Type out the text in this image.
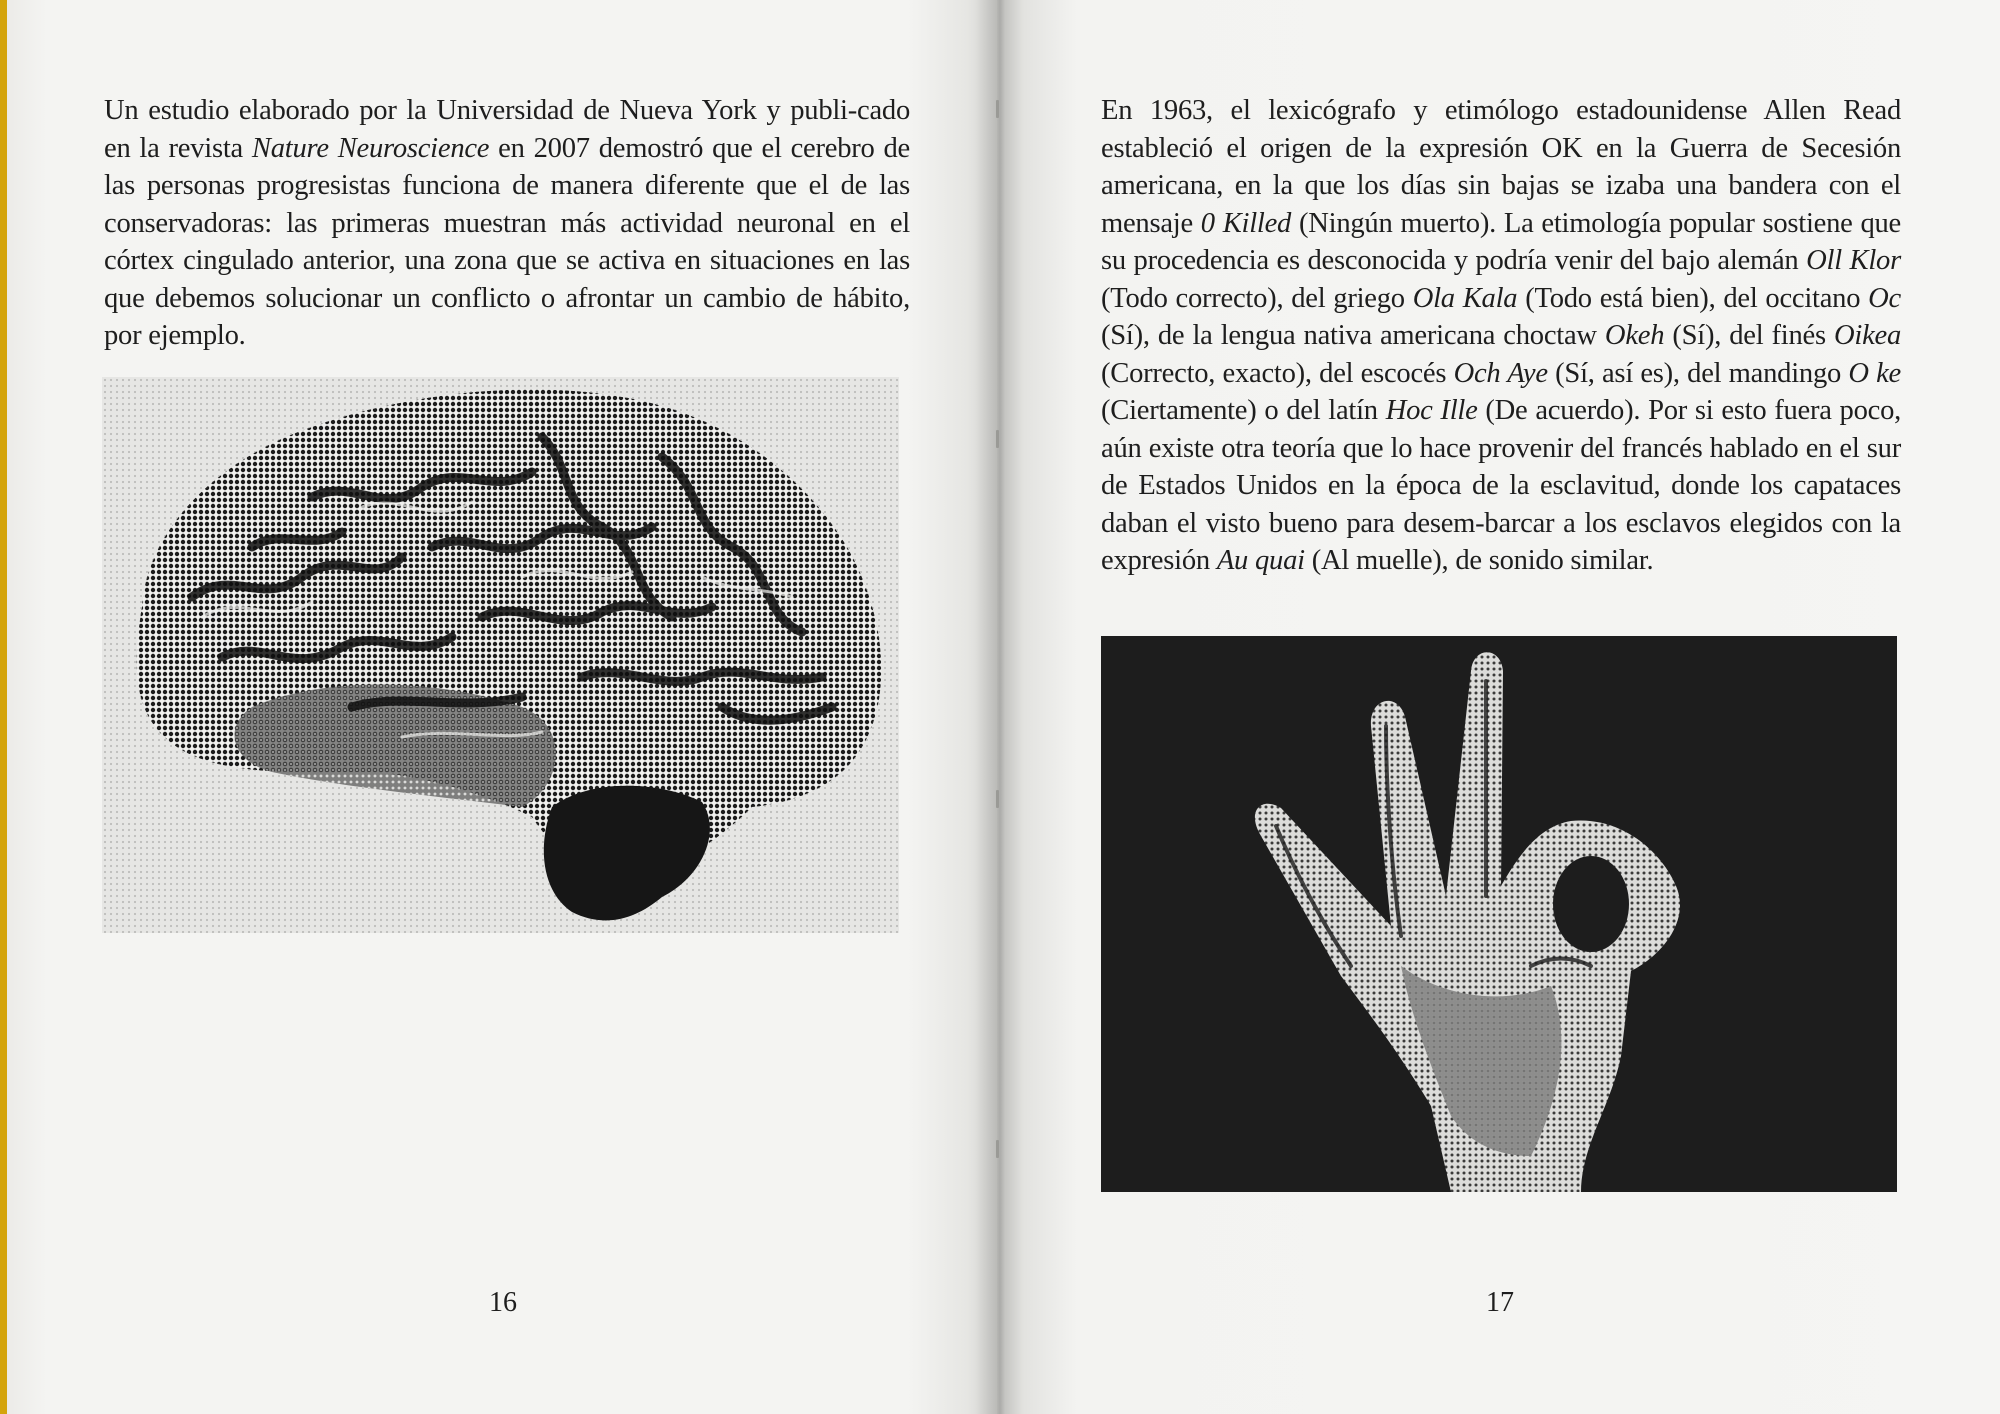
Un estudio elaborado por la Universidad de Nueva York y publi-cado en la revista Nature Neuroscience en 2007 demostró que el cerebro de las personas progresistas funciona de manera diferente que el de las conservadoras: las primeras muestran más actividad neuronal en el córtex cingulado anterior, una zona que se activa en situaciones en las que debemos solucionar un conflicto o afrontar un cambio de hábito, por ejemplo.

16

En 1963, el lexicógrafo y etimólogo estadounidense Allen Read estableció el origen de la expresión OK en la Guerra de Secesión americana, en la que los días sin bajas se izaba una bandera con el mensaje 0 Killed (Ningún muerto). La etimología popular sostiene que su procedencia es desconocida y podría venir del bajo alemán Oll Klor (Todo correcto), del griego Ola Kala (Todo está bien), del occitano Oc (Sí), de la lengua nativa americana choctaw Okeh (Sí), del finés Oikea (Correcto, exacto), del escocés Och Aye (Sí, así es), del mandingo O ke (Ciertamente) o del latín Hoc Ille (De acuerdo). Por si esto fuera poco, aún existe otra teoría que lo hace provenir del francés hablado en el sur de Estados Unidos en la época de la esclavitud, donde los capataces daban el visto bueno para desem-barcar a los esclavos elegidos con la expresión Au quai (Al muelle), de sonido similar.

17
